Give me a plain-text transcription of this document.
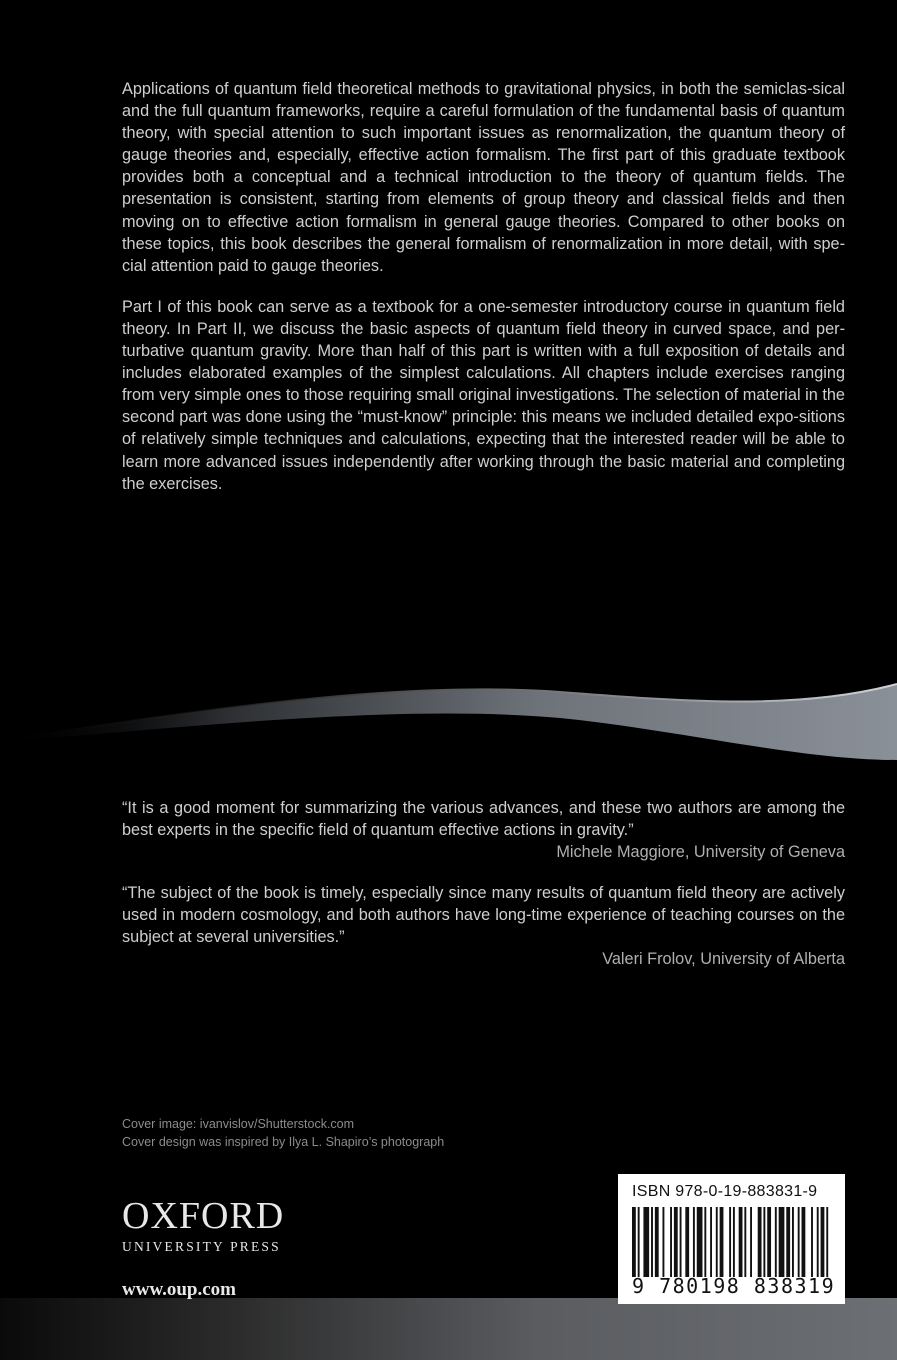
Applications of quantum field theoretical methods to gravitational physics, in both the semiclas-sical and the full quantum frameworks, require a careful formulation of the fundamental basis of quantum theory, with special attention to such important issues as renormalization, the quantum theory of gauge theories and, especially, effective action formalism. The first part of this graduate textbook provides both a conceptual and a technical introduction to the theory of quantum fields. The presentation is consistent, starting from elements of group theory and classical fields and then moving on to effective action formalism in general gauge theories. Compared to other books on these topics, this book describes the general formalism of renormalization in more detail, with spe-cial attention paid to gauge theories.

Part I of this book can serve as a textbook for a one-semester introductory course in quantum field theory. In Part II, we discuss the basic aspects of quantum field theory in curved space, and per-turbative quantum gravity. More than half of this part is written with a full exposition of details and includes elaborated examples of the simplest calculations. All chapters include exercises ranging from very simple ones to those requiring small original investigations. The selection of material in the second part was done using the “must-know” principle: this means we included detailed expo-sitions of relatively simple techniques and calculations, expecting that the interested reader will be able to learn more advanced issues independently after working through the basic material and completing the exercises.

“It is a good moment for summarizing the various advances, and these two authors are among the best experts in the specific field of quantum effective actions in gravity.”

Michele Maggiore, University of Geneva

“The subject of the book is timely, especially since many results of quantum field theory are actively used in modern cosmology, and both authors have long-time experience of teaching courses on the subject at several universities.”

Valeri Frolov, University of Alberta

Cover image: ivanvislov/Shutterstock.com
Cover design was inspired by Ilya L. Shapiro’s photograph
OXFORD
UNIVERSITY PRESS
www.oup.com
ISBN 978-0-19-883831-9
9 780198 838319
